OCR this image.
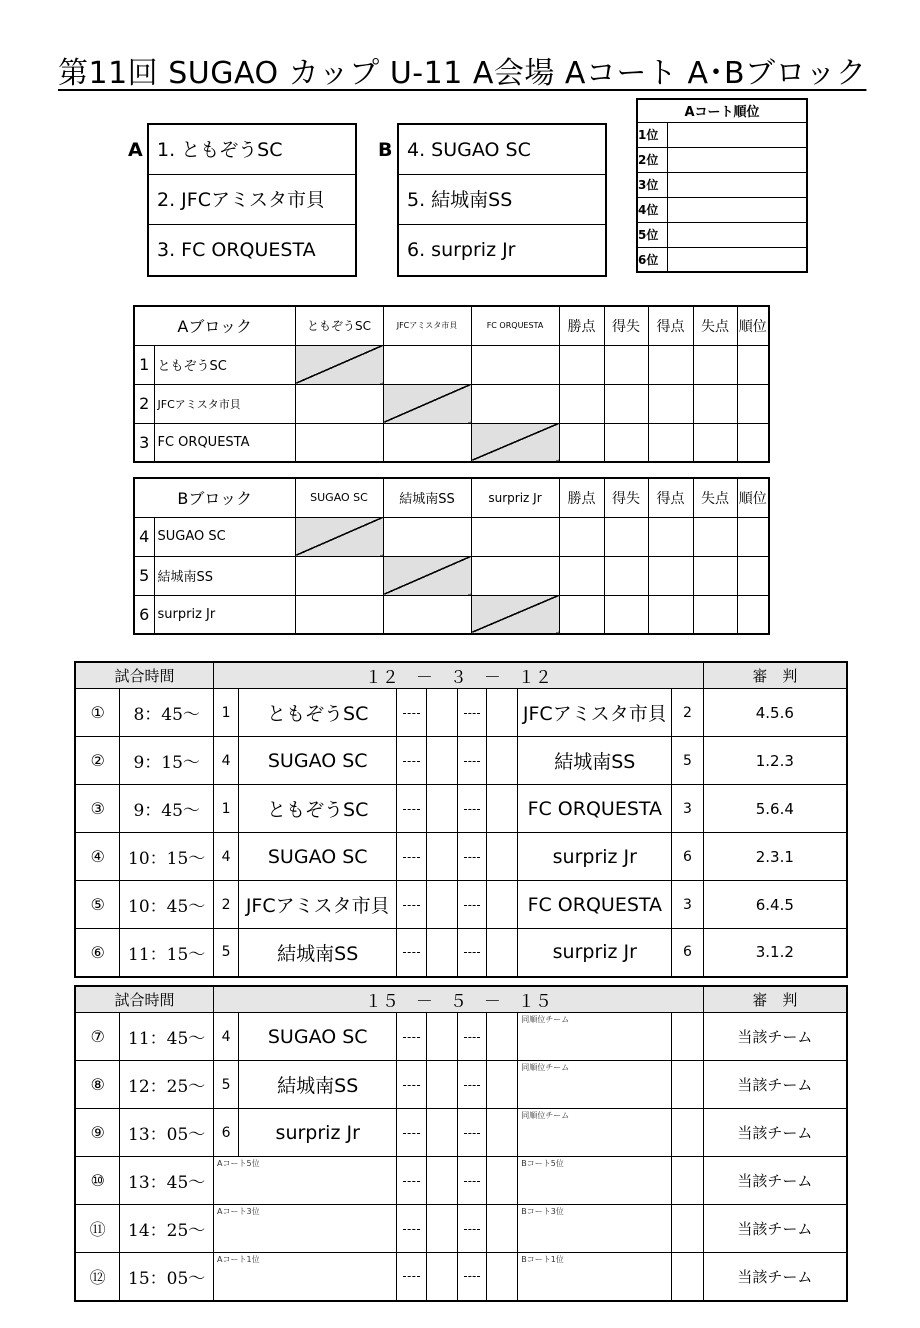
第11回 SUGAO カップ U-11 A会場 Aコート A･Bブロック
A 1. ともぞうSC
2. JFCアミスタ市貝
3. FC ORQUESTA
B 4. SUGAO SC
5. 結城南SS
6. surpriz Jr
Aコート順位	
1位	
2位	
3位	
4位	
5位	
6位	
Aブロック		ともぞうSC	JFCアミスタ市貝	FC ORQUESTA	勝点	得失	得点	失点	順位
1	ともぞうSC								
2	JFCアミスタ市貝								
3	FC ORQUESTA								
Bブロック		SUGAO SC	結城南SS	surpriz Jr	勝点	得失	得点	失点	順位
4	SUGAO SC								
5	結城南SS								
6	surpriz Jr								
試合時間		１２　－　３　－　１２								審　判
①	8：45～	1	ともぞうSC					JFCアミスタ市貝	2	4.5.6
②	9：15～	4	SUGAO SC					結城南SS	5	1.2.3
③	9：45～	1	ともぞうSC					FC ORQUESTA	3	5.6.4
④	10：15～	4	SUGAO SC					surpriz Jr	6	2.3.1
⑤	10：45～	2	JFCアミスタ市貝					FC ORQUESTA	3	6.4.5
⑥	11：15～	5	結城南SS					surpriz Jr	6	3.1.2
試合時間		１５　－　５　－　１５								審　判
⑦	11：45～	4	SUGAO SC					同順位チーム		当該チーム
⑧	12：25～	5	結城南SS					同順位チーム		当該チーム
⑨	13：05～	6	surpriz Jr					同順位チーム		当該チーム
⑩	13：45～	Aコート5位						Bコート5位		当該チーム
⑪	14：25～	Aコート3位						Bコート3位		当該チーム
⑫	15：05～	Aコート1位						Bコート1位		当該チーム
